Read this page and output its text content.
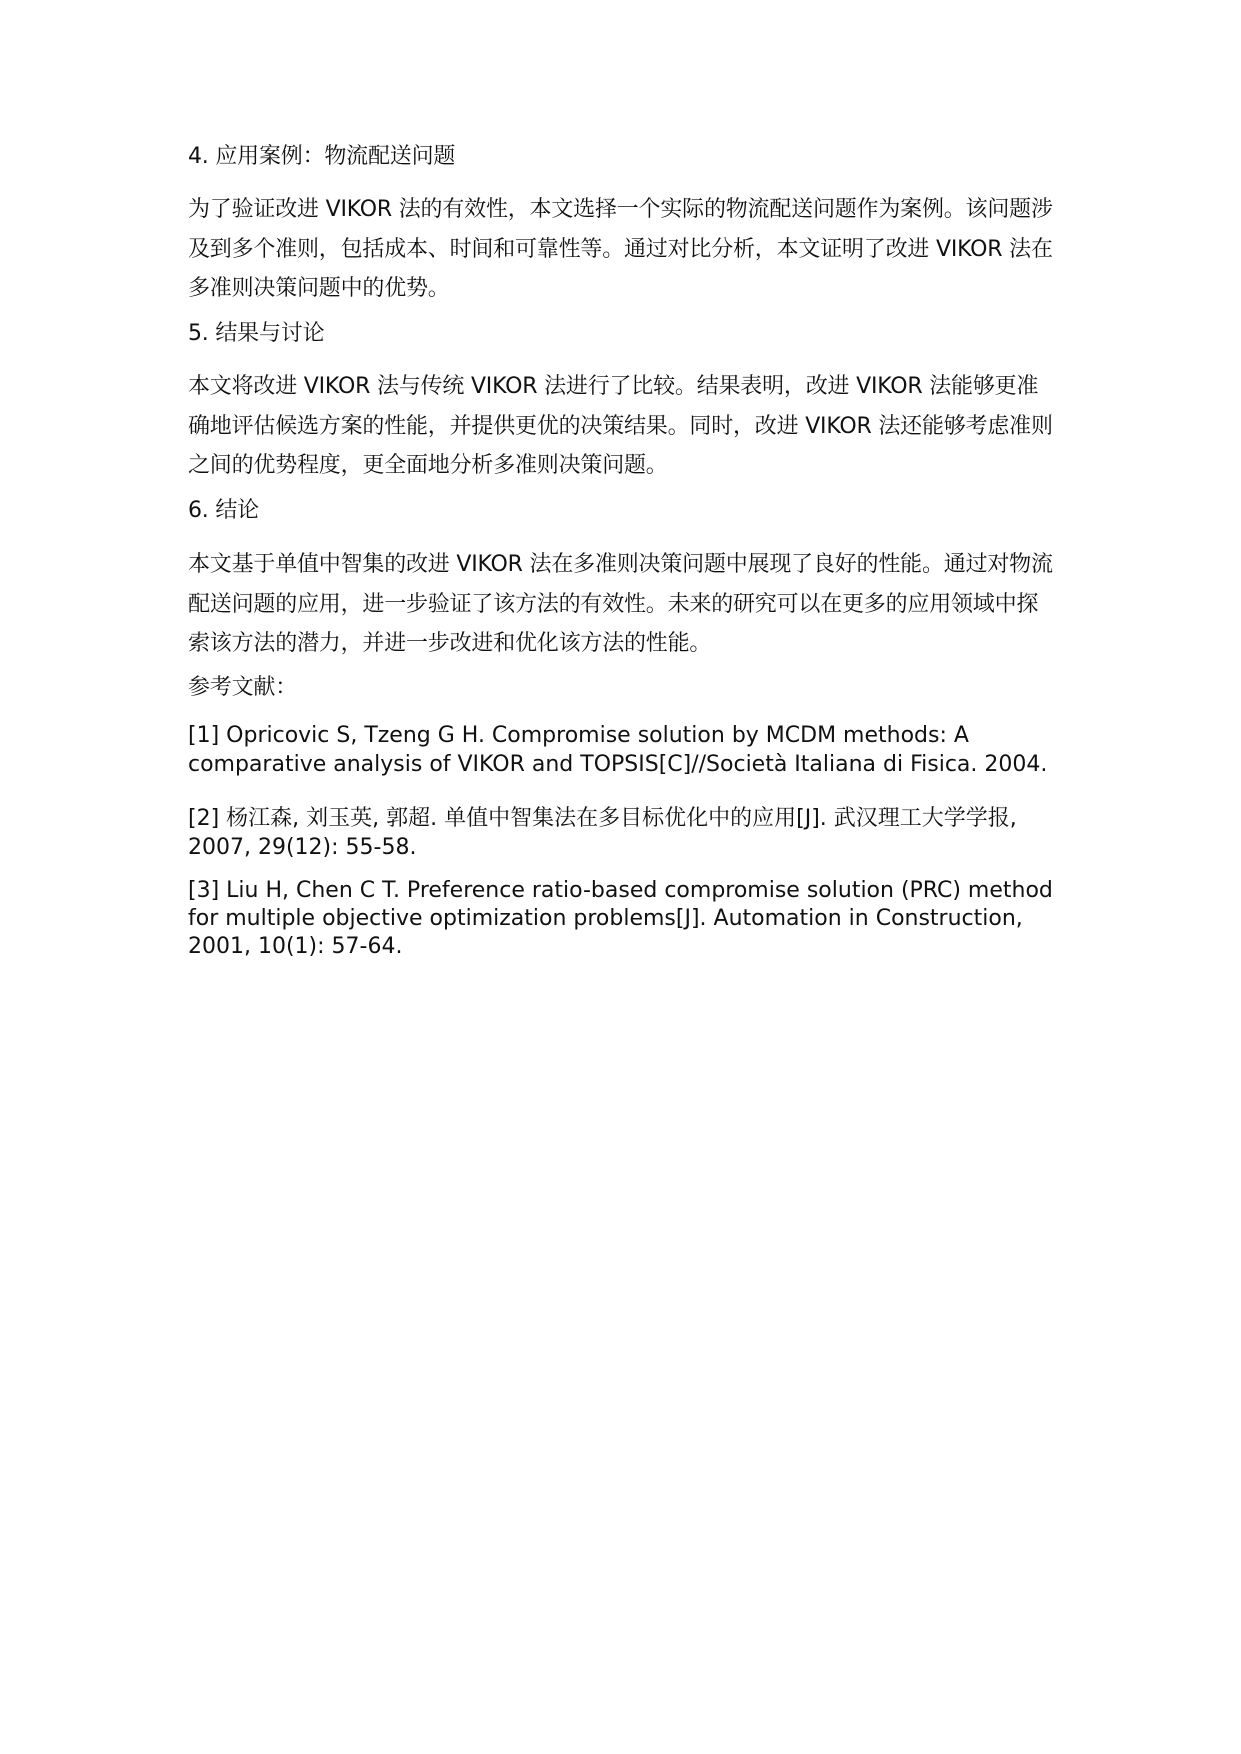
4. 应用案例：物流配送问题

为了验证改进 VIKOR 法的有效性，本文选择一个实际的物流配送问题作为案例。该问题涉及到多个准则，包括成本、时间和可靠性等。通过对比分析，本文证明了改进 VIKOR 法在多准则决策问题中的优势。

5. 结果与讨论

本文将改进 VIKOR 法与传统 VIKOR 法进行了比较。结果表明，改进 VIKOR 法能够更准确地评估候选方案的性能，并提供更优的决策结果。同时，改进 VIKOR 法还能够考虑准则之间的优势程度，更全面地分析多准则决策问题。

6. 结论

本文基于单值中智集的改进 VIKOR 法在多准则决策问题中展现了良好的性能。通过对物流配送问题的应用，进一步验证了该方法的有效性。未来的研究可以在更多的应用领域中探索该方法的潜力，并进一步改进和优化该方法的性能。

参考文献：

[1] Opricovic S, Tzeng G H. Compromise solution by MCDM methods: A comparative analysis of VIKOR and TOPSIS[C]//Società Italiana di Fisica. 2004.

[2] 杨江森, 刘玉英, 郭超. 单值中智集法在多目标优化中的应用[J]. 武汉理工大学学报, 2007, 29(12): 55-58.

[3] Liu H, Chen C T. Preference ratio-based compromise solution (PRC) method for multiple objective optimization problems[J]. Automation in Construction, 2001, 10(1): 57-64.
